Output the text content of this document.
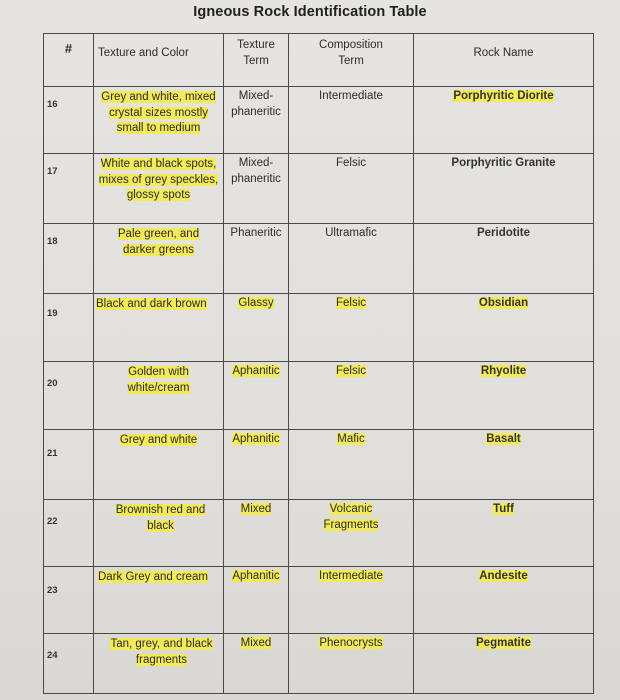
Igneous Rock Identification Table
#	Texture and Color	Texture Term	Composition Term	Rock Name
16	Grey and white, mixed crystal sizes mostly small to medium	Mixed-phaneritic	Intermediate	Porphyritic Diorite
17	White and black spots, mixes of grey speckles, glossy spots	Mixed-phaneritic	Felsic	Porphyritic Granite
18	Pale green, and darker greens	Phaneritic	Ultramafic	Peridotite
19	Black and dark brown	Glassy	Felsic	Obsidian
20	Golden with white/cream	Aphanitic	Felsic	Rhyolite
21	Grey and white	Aphanitic	Mafic	Basalt
22	Brownish red and black	Mixed	Volcanic Fragments	Tuff
23	Dark Grey and cream	Aphanitic	Intermediate	Andesite
24	Tan, grey, and black fragments	Mixed	Phenocrysts	Pegmatite
